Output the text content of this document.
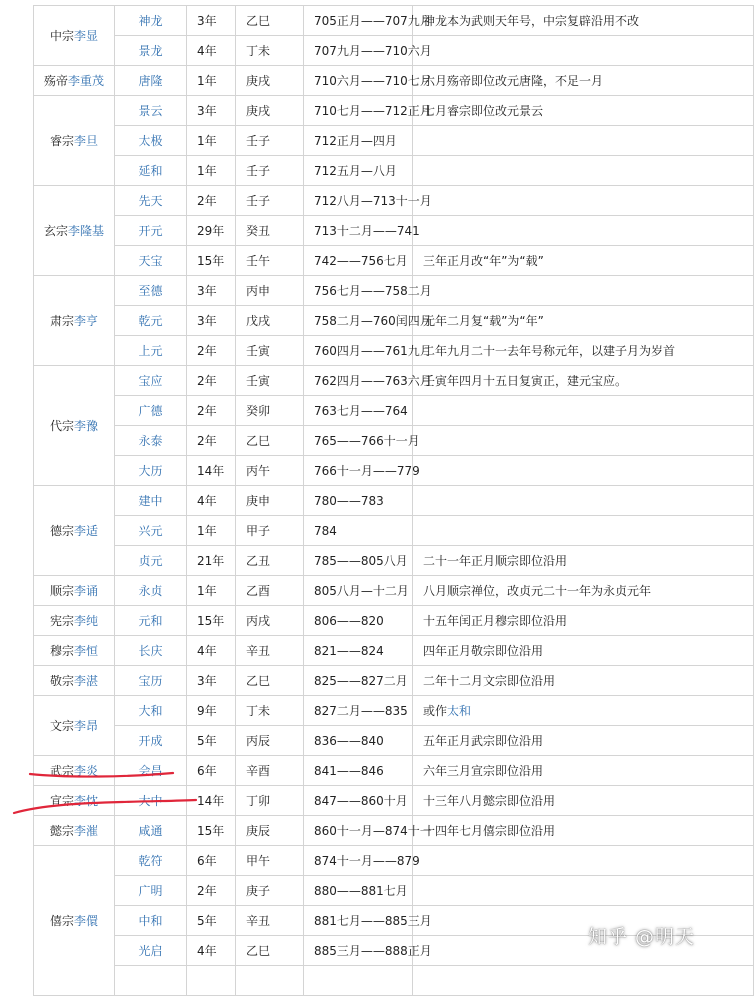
中宗李显	神龙	3年	乙巳	705正月——707九月	神龙本为武则天年号，中宗复辟沿用不改
	景龙	4年	丁未	707九月——710六月	
殇帝李重茂	唐隆	1年	庚戌	710六月——710七月	六月殇帝即位改元唐隆，不足一月
睿宗李旦	景云	3年	庚戌	710七月——712正月	七月睿宗即位改元景云
	太极	1年	壬子	712正月—四月	
	延和	1年	壬子	712五月—八月	
玄宗李隆基	先天	2年	壬子	712八月—713十一月	
	开元	29年	癸丑	713十二月——741	
	天宝	15年	壬午	742——756七月	三年正月改“年”为“载”
肃宗李亨	至德	3年	丙申	756七月——758二月	
	乾元	3年	戊戌	758二月—760闰四月	元年二月复“载”为“年”
	上元	2年	壬寅	760四月——761九月	二年九月二十一去年号称元年，以建子月为岁首
代宗李豫	宝应	2年	壬寅	762四月——763六月	壬寅年四月十五日复寅正，建元宝应。
	广德	2年	癸卯	763七月——764	
	永泰	2年	乙巳	765——766十一月	
	大历	14年	丙午	766十一月——779	
德宗李适	建中	4年	庚申	780——783	
	兴元	1年	甲子	784	
	贞元	21年	乙丑	785——805八月	二十一年正月顺宗即位沿用
顺宗李诵	永贞	1年	乙酉	805八月—十二月	八月顺宗禅位，改贞元二十一年为永贞元年
宪宗李纯	元和	15年	丙戌	806——820	十五年闰正月穆宗即位沿用
穆宗李恒	长庆	4年	辛丑	821——824	四年正月敬宗即位沿用
敬宗李湛	宝历	3年	乙巳	825——827二月	二年十二月文宗即位沿用
文宗李昂	大和	9年	丁未	827二月——835	或作太和
	开成	5年	丙辰	836——840	五年正月武宗即位沿用
武宗李炎	会昌	6年	辛酉	841——846	六年三月宣宗即位沿用
宣宗李忱	大中	14年	丁卯	847——860十月	十三年八月懿宗即位沿用
懿宗李漼	咸通	15年	庚辰	860十一月—874十一	十四年七月僖宗即位沿用
僖宗李儇	乾符	6年	甲午	874十一月——879	
	广明	2年	庚子	880——881七月	
	中和	5年	辛丑	881七月——885三月	
	光启	4年	乙巳	885三月——888正月	

知乎 @明天
